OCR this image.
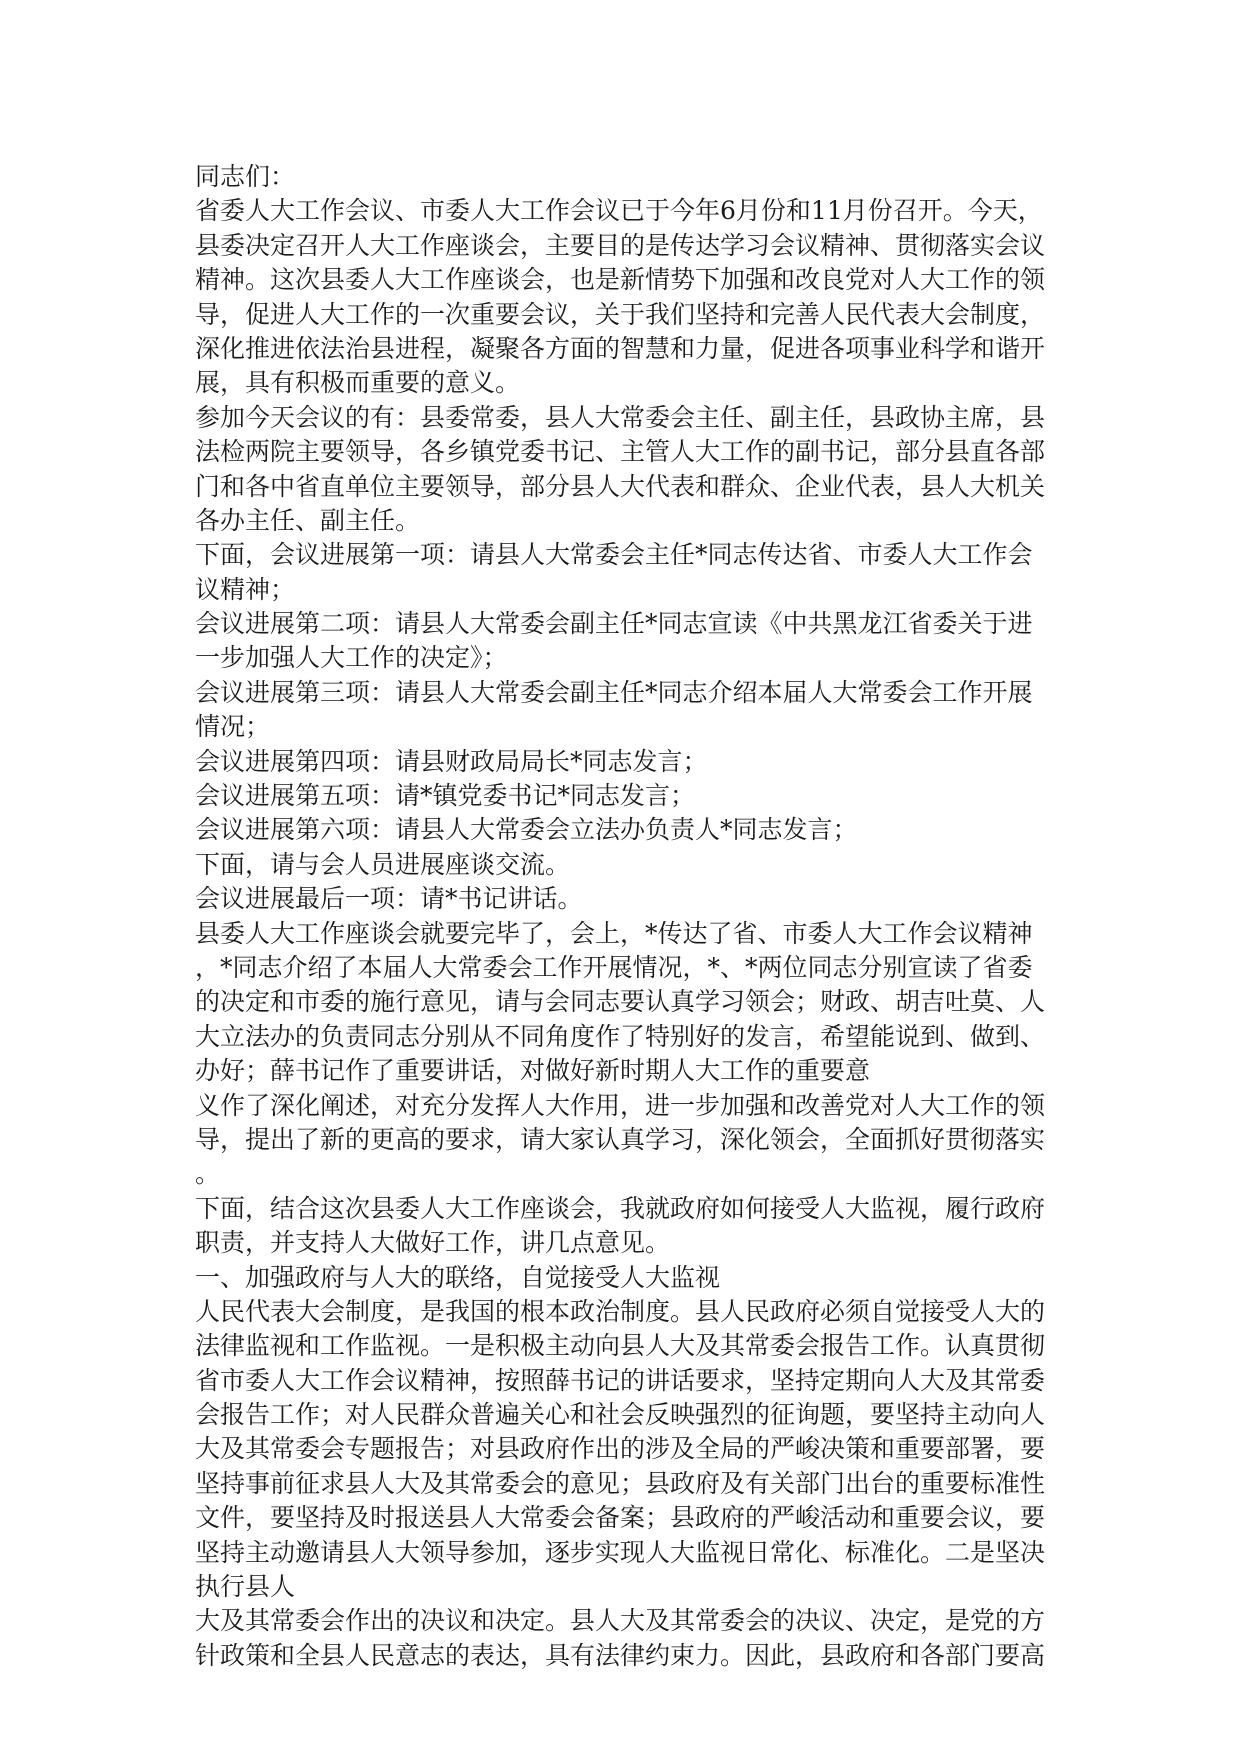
同志们：
省委人大工作会议、市委人大工作会议已于今年6月份和11月份召开。今天，
县委决定召开人大工作座谈会，主要目的是传达学习会议精神、贯彻落实会议
精神。这次县委人大工作座谈会，也是新情势下加强和改良党对人大工作的领
导，促进人大工作的一次重要会议，关于我们坚持和完善人民代表大会制度，
深化推进依法治县进程，凝聚各方面的智慧和力量，促进各项事业科学和谐开
展，具有积极而重要的意义。
参加今天会议的有：县委常委，县人大常委会主任、副主任，县政协主席，县
法检两院主要领导，各乡镇党委书记、主管人大工作的副书记，部分县直各部
门和各中省直单位主要领导，部分县人大代表和群众、企业代表，县人大机关
各办主任、副主任。
下面，会议进展第一项：请县人大常委会主任*同志传达省、市委人大工作会
议精神；
会议进展第二项：请县人大常委会副主任*同志宣读《中共黑龙江省委关于进
一步加强人大工作的决定》；
会议进展第三项：请县人大常委会副主任*同志介绍本届人大常委会工作开展
情况；
会议进展第四项：请县财政局局长*同志发言；
会议进展第五项：请*镇党委书记*同志发言；
会议进展第六项：请县人大常委会立法办负责人*同志发言；
下面，请与会人员进展座谈交流。
会议进展最后一项：请*书记讲话。
县委人大工作座谈会就要完毕了，会上，*传达了省、市委人大工作会议精神
，*同志介绍了本届人大常委会工作开展情况，*、*两位同志分别宣读了省委
的决定和市委的施行意见，请与会同志要认真学习领会；财政、胡吉吐莫、人
大立法办的负责同志分别从不同角度作了特别好的发言，希望能说到、做到、
办好；薛书记作了重要讲话，对做好新时期人大工作的重要意
义作了深化阐述，对充分发挥人大作用，进一步加强和改善党对人大工作的领
导，提出了新的更高的要求，请大家认真学习，深化领会，全面抓好贯彻落实
。
下面，结合这次县委人大工作座谈会，我就政府如何接受人大监视，履行政府
职责，并支持人大做好工作，讲几点意见。
一、加强政府与人大的联络，自觉接受人大监视
人民代表大会制度，是我国的根本政治制度。县人民政府必须自觉接受人大的
法律监视和工作监视。一是积极主动向县人大及其常委会报告工作。认真贯彻
省市委人大工作会议精神，按照薛书记的讲话要求，坚持定期向人大及其常委
会报告工作；对人民群众普遍关心和社会反映强烈的征询题，要坚持主动向人
大及其常委会专题报告；对县政府作出的涉及全局的严峻决策和重要部署，要
坚持事前征求县人大及其常委会的意见；县政府及有关部门出台的重要标准性
文件，要坚持及时报送县人大常委会备案；县政府的严峻活动和重要会议，要
坚持主动邀请县人大领导参加，逐步实现人大监视日常化、标准化。二是坚决
执行县人
大及其常委会作出的决议和决定。县人大及其常委会的决议、决定，是党的方
针政策和全县人民意志的表达，具有法律约束力。因此，县政府和各部门要高
